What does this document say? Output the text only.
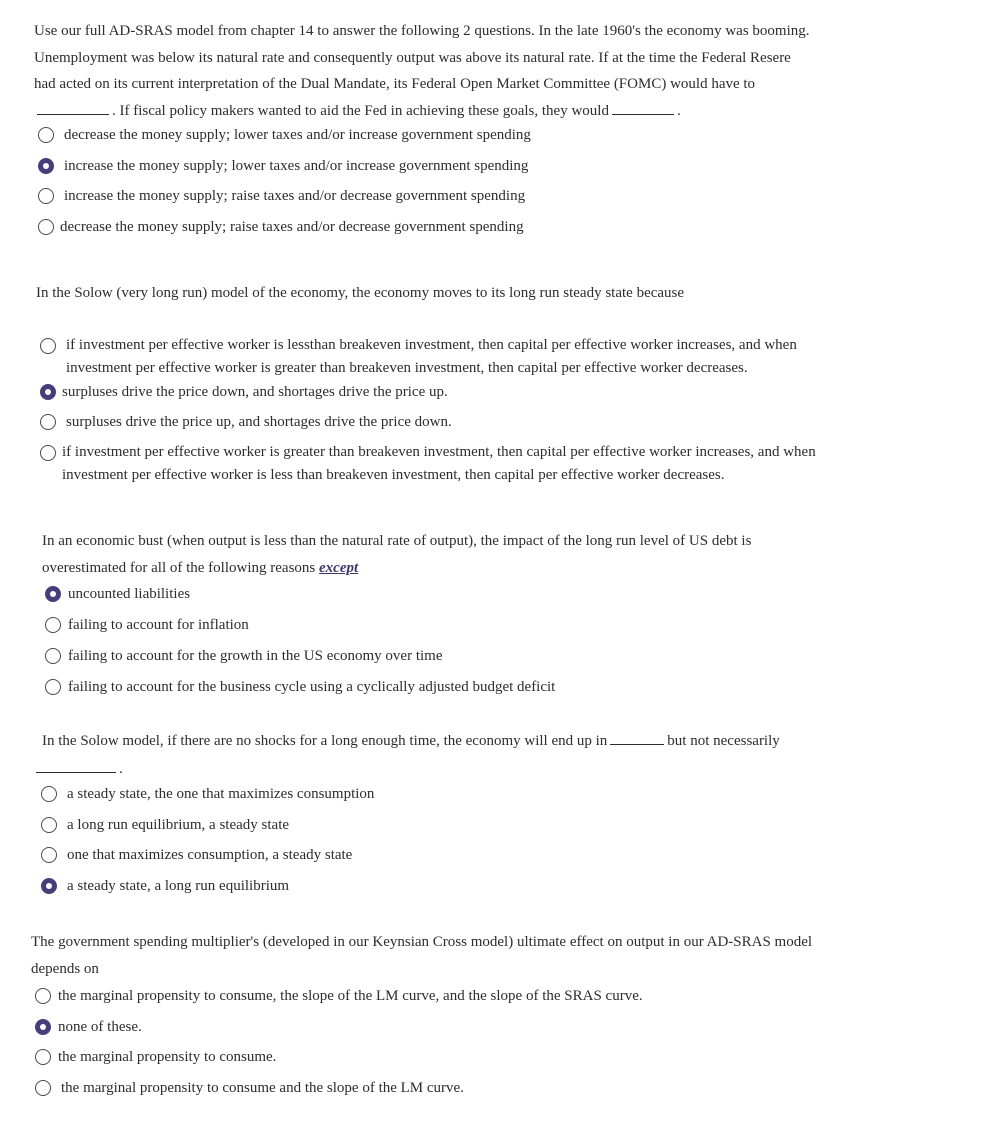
Use our full AD-SRAS model from chapter 14 to answer the following 2 questions. In the late 1960's the economy was booming. Unemployment was below its natural rate and consequently output was above its natural rate. If at the time the Federal Resere had acted on its current interpretation of the Dual Mandate, its Federal Open Market Committee (FOMC) would have to. If fiscal policy makers wanted to aid the Fed in achieving these goals, they would	.
decrease the money supply; lower taxes and/or increase government spending
increase the money supply; lower taxes and/or increase government spending
increase the money supply; raise taxes and/or decrease government spending
decrease the money supply; raise taxes and/or decrease government spending
In the Solow (very long run) model of the economy, the economy moves to its long run steady state because
if investment per effective worker is lessthan breakeven investment, then capital per effective worker increases, and when investment per effective worker is greater than breakeven investment, then capital per effective worker decreases.
surpluses drive the price down, and shortages drive the price up.
surpluses drive the price up, and shortages drive the price down.
if investment per effective worker is greater than breakeven investment, then capital per effective worker increases, and when investment per effective worker is less than breakeven investment, then capital per effective worker decreases.
In an economic bust (when output is less than the natural rate of output), the impact of the long run level of US debt is overestimated for all of the following reasons except
uncounted liabilities
failing to account for inflation
failing to account for the growth in the US economy over time
failing to account for the business cycle using a cyclically adjusted budget deficit
In the Solow model, if there are no shocks for a long enough time, the economy will end up in	but not necessarily
.
a steady state, the one that maximizes consumption
a long run equilibrium, a steady state
one that maximizes consumption, a steady state
a steady state, a long run equilibrium
The government spending multiplier's (developed in our Keynsian Cross model) ultimate effect on output in our AD-SRAS model depends on
the marginal propensity to consume, the slope of the LM curve, and the slope of the SRAS curve.
none of these.
the marginal propensity to consume.
the marginal propensity to consume and the slope of the LM curve.
